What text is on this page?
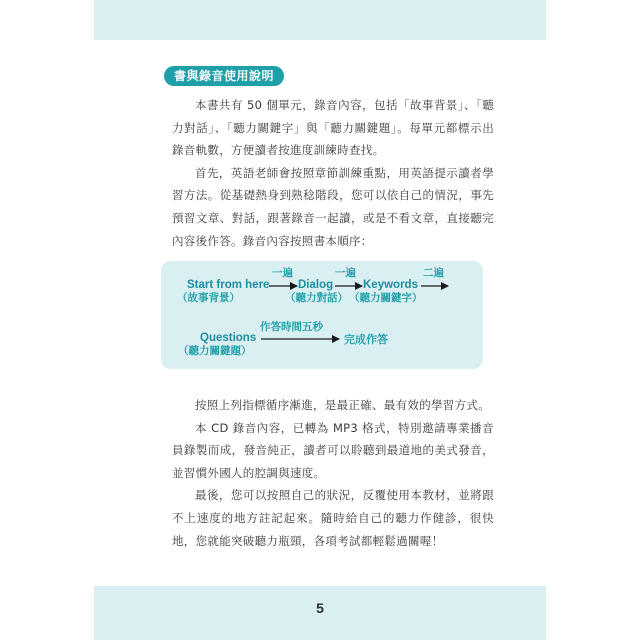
書與錄音使用說明

本書共有 50 個單元，錄音內容，包括「故事背景」、「聽力對話」、「聽力關鍵字」與「聽力關鍵題」。每單元都標示出錄音軌數，方便讀者按進度訓練時查找。

首先，英語老師會按照章節訓練重點，用英語提示讀者學習方法。從基礎熱身到熟稔階段，您可以依自己的情況，事先預習文章、對話，跟著錄音一起讀，或是不看文章，直接聽完內容後作答。錄音內容按照書本順序：

一遍	一遍	二遍
Start from here
（故事背景）
Dialog
（聽力對話）
Keywords
（聽力關鍵字）
作答時間五秒
Questions
（聽力關鍵題）
完成作答

按照上列指標循序漸進，是最正確、最有效的學習方式。

本 CD 錄音內容，已轉為 MP3 格式，特別邀請專業播音員錄製而成，發音純正，讀者可以聆聽到最道地的美式發音，並習慣外國人的腔調與速度。

最後，您可以按照自己的狀況，反覆使用本教材，並將跟不上速度的地方註記起來。隨時給自己的聽力作健診，很快地，您就能突破聽力瓶頸，各項考試都輕鬆過關喔！

5
